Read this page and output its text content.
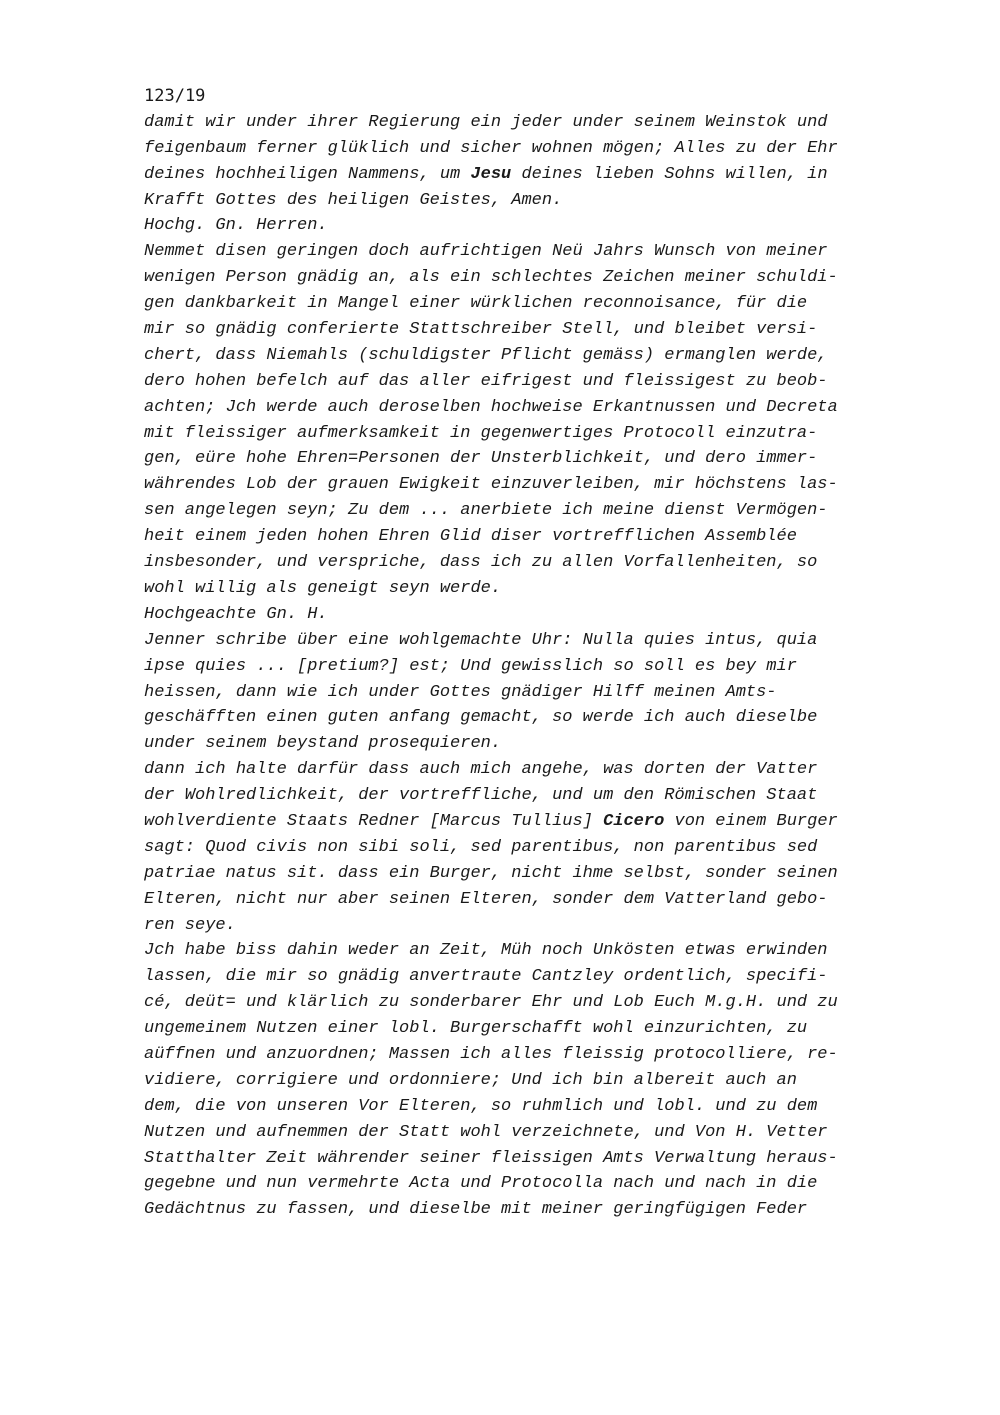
123/19
damit wir under ihrer Regierung ein jeder under seinem Weinstok und
feigenbaum ferner glüklich und sicher wohnen mögen; Alles zu der Ehr
deines hochheiligen Nammens, um Jesu deines lieben Sohns willen, in
Krafft Gottes des heiligen Geistes, Amen.
Hochg. Gn. Herren.
Nemmet disen geringen doch aufrichtigen Neü Jahrs Wunsch von meiner
wenigen Person gnädig an, als ein schlechtes Zeichen meiner schuldi-
gen dankbarkeit in Mangel einer würklichen reconnoisance, für die
mir so gnädig conferierte Stattschreiber Stell, und bleibet versi-
chert, dass Niemahls (schuldigster Pflicht gemäss) ermanglen werde,
dero hohen befelch auf das aller eifrigest und fleissigest zu beob-
achten; Jch werde auch deroselben hochweise Erkantnussen und Decreta
mit fleissiger aufmerksamkeit in gegenwertiges Protocoll einzutra-
gen, eüre hohe Ehren=Personen der Unsterblichkeit, und dero immer-
währendes Lob der grauen Ewigkeit einzuverleiben, mir höchstens las-
sen angelegen seyn; Zu dem ... anerbiete ich meine dienst Vermögen-
heit einem jeden hohen Ehren Glid diser vortrefflichen Assemblée
insbesonder, und verspriche, dass ich zu allen Vorfallenheiten, so
wohl willig als geneigt seyn werde.
Hochgeachte Gn. H.
Jenner schribe über eine wohlgemachte Uhr: Nulla quies intus, quia
ipse quies ... [pretium?] est; Und gewisslich so soll es bey mir
heissen, dann wie ich under Gottes gnädiger Hilff meinen Amts-
geschäfften einen guten anfang gemacht, so werde ich auch dieselbe
under seinem beystand prosequieren.
dann ich halte darfür dass auch mich angehe, was dorten der Vatter
der Wohlredlichkeit, der vortreffliche, und um den Römischen Staat
wohlverdiente Staats Redner [Marcus Tullius] Cicero von einem Burger
sagt: Quod civis non sibi soli, sed parentibus, non parentibus sed
patriae natus sit. dass ein Burger, nicht ihme selbst, sonder seinen
Elteren, nicht nur aber seinen Elteren, sonder dem Vatterland gebo-
ren seye.
Jch habe biss dahin weder an Zeit, Müh noch Unkösten etwas erwinden
lassen, die mir so gnädig anvertraute Cantzley ordentlich, specifi-
cé, deüt= und klärlich zu sonderbarer Ehr und Lob Euch M.g.H. und zu
ungemeinem Nutzen einer lobl. Burgerschafft wohl einzurichten, zu
aüffnen und anzuordnen; Massen ich alles fleissig protocolliere, re-
vidiere, corrigiere und ordonniere; Und ich bin albereit auch an
dem, die von unseren Vor Elteren, so ruhmlich und lobl. und zu dem
Nutzen und aufnemmen der Statt wohl verzeichnete, und Von H. Vetter
Statthalter Zeit währender seiner fleissigen Amts Verwaltung heraus-
gegebne und nun vermehrte Acta und Protocolla nach und nach in die
Gedächtnus zu fassen, und dieselbe mit meiner geringfügigen Feder
